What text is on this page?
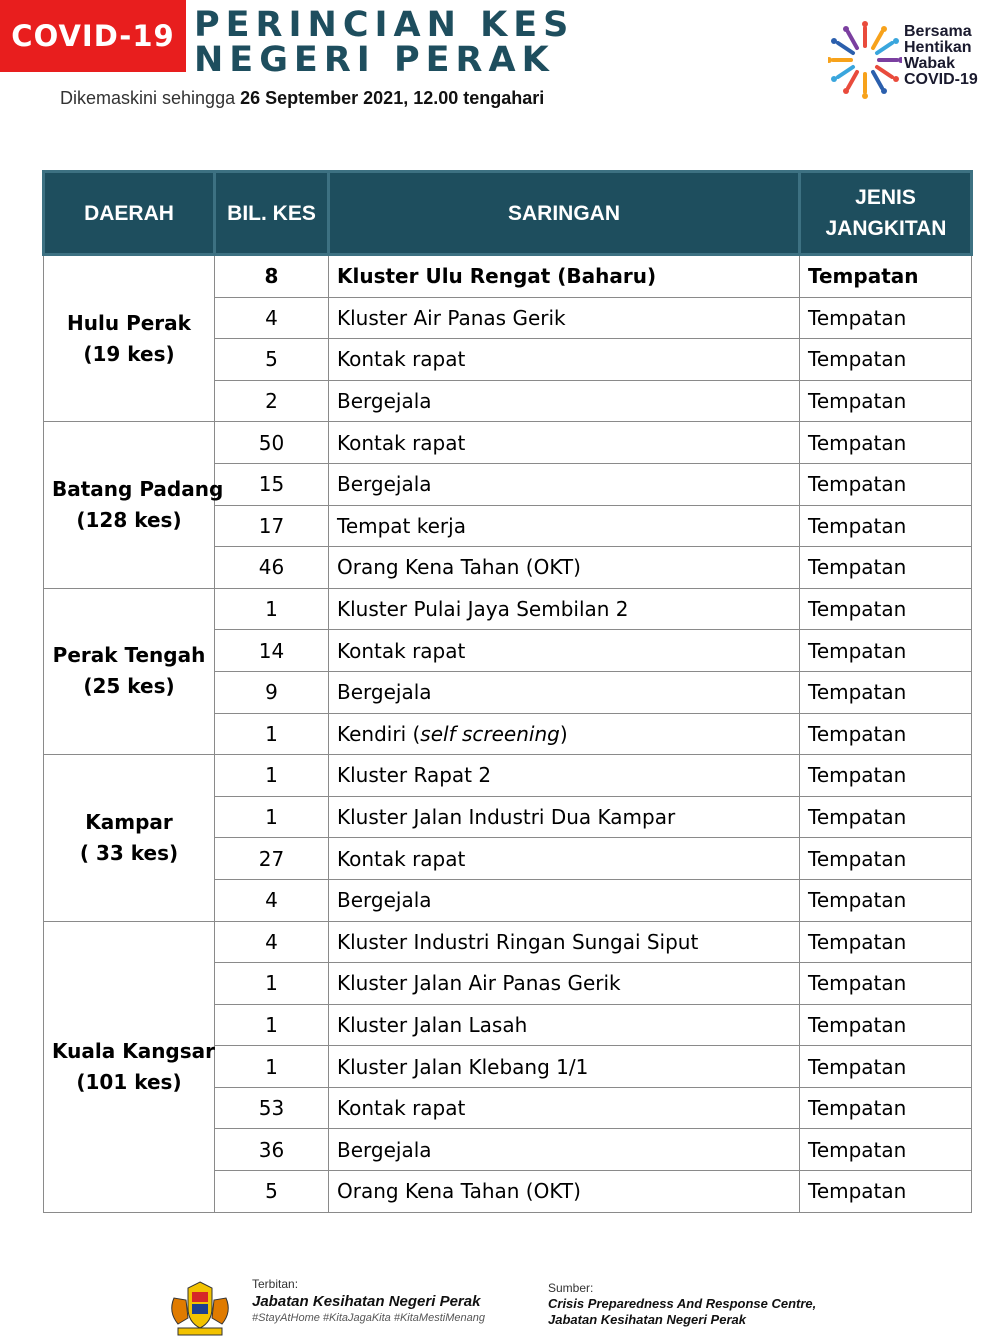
COVID-19 PERINCIAN KES
NEGERI PERAK
Dikemaskini sehingga 26 September 2021, 12.00 tengahari
Bersama
Hentikan
Wabak
COVID-19
DAERAH	BIL. KES	SARINGAN	JENIS JANGKITAN

Hulu Perak
(19 kes)	8	Kluster Ulu Rengat (Baharu)	Tempatan
	4	Kluster Air Panas Gerik	Tempatan
	5	Kontak rapat	Tempatan
	2	Bergejala	Tempatan

Batang Padang
(128 kes)	50	Kontak rapat	Tempatan
	15	Bergejala	Tempatan
	17	Tempat kerja	Tempatan
	46	Orang Kena Tahan (OKT)	Tempatan

Perak Tengah
(25 kes)	1	Kluster Pulai Jaya Sembilan 2	Tempatan
	14	Kontak rapat	Tempatan
	9	Bergejala	Tempatan
	1	Kendiri (self screening)	Tempatan

Kampar
( 33 kes)	1	Kluster Rapat 2	Tempatan
	1	Kluster Jalan Industri Dua Kampar	Tempatan
	27	Kontak rapat	Tempatan
	4	Bergejala	Tempatan

Kuala Kangsar
(101 kes)	4	Kluster Industri Ringan Sungai Siput	Tempatan
	1	Kluster Jalan Air Panas Gerik	Tempatan
	1	Kluster Jalan Lasah	Tempatan
	1	Kluster Jalan Klebang 1/1	Tempatan
	53	Kontak rapat	Tempatan
	36	Bergejala	Tempatan
	5	Orang Kena Tahan (OKT)	Tempatan
Terbitan:
Jabatan Kesihatan Negeri Perak
#StayAtHome #KitaJagaKita #KitaMestiMenang
Sumber:
Crisis Preparedness And Response Centre,
Jabatan Kesihatan Negeri Perak
